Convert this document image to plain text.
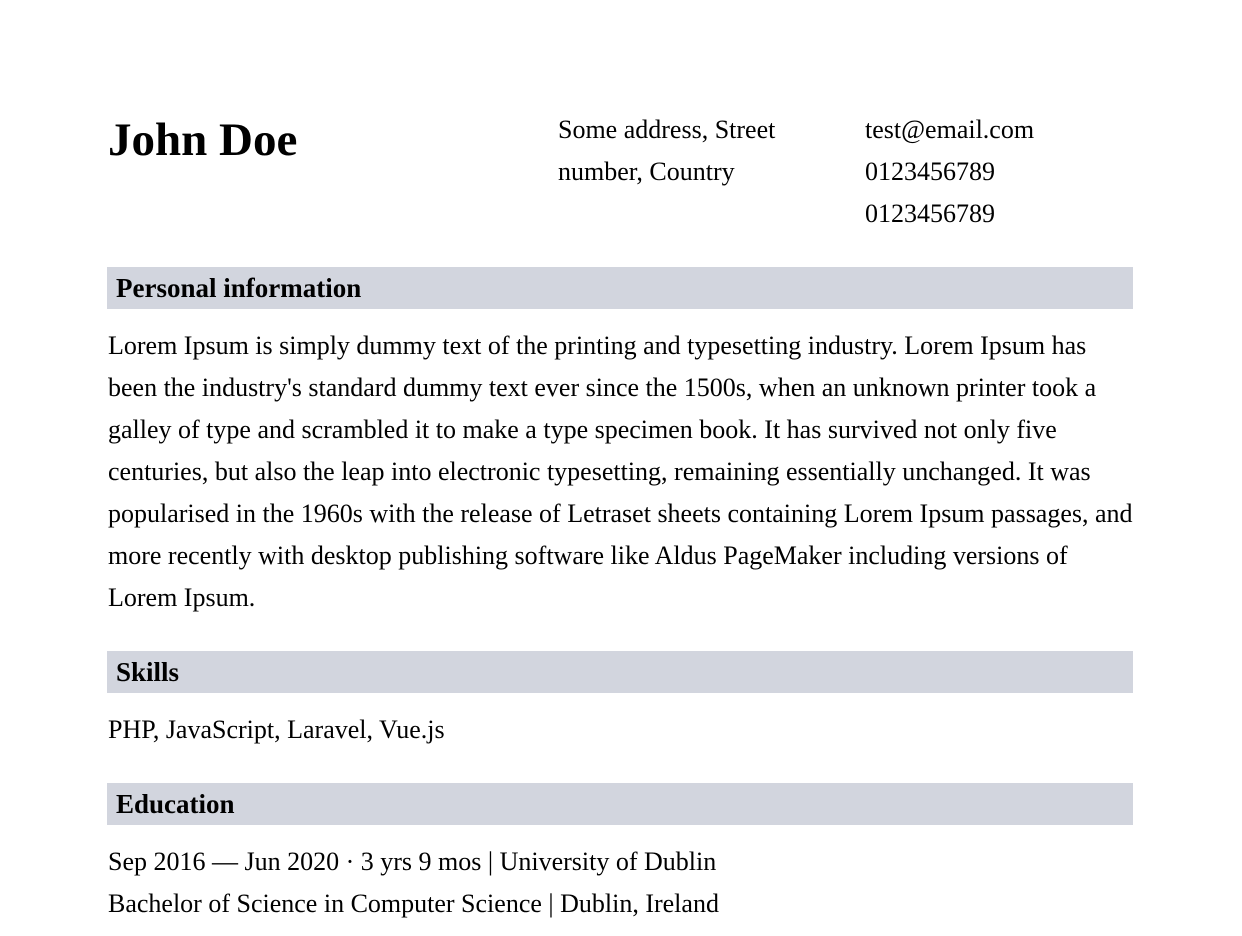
John Doe	Some address, Street number, Country
test@email.com
0123456789
0123456789
Personal information

Lorem Ipsum is simply dummy text of the printing and typesetting industry. Lorem Ipsum has been the industry's standard dummy text ever since the 1500s, when an unknown printer took a galley of type and scrambled it to make a type specimen book. It has survived not only five centuries, but also the leap into electronic typesetting, remaining essentially unchanged. It was popularised in the 1960s with the release of Letraset sheets containing Lorem Ipsum passages, and more recently with desktop publishing software like Aldus PageMaker including versions of Lorem Ipsum.

Skills

PHP, JavaScript, Laravel, Vue.js

Education
Sep 2016 — Jun 2020 · 3 yrs 9 mos | University of Dublin
Bachelor of Science in Computer Science | Dublin, Ireland
